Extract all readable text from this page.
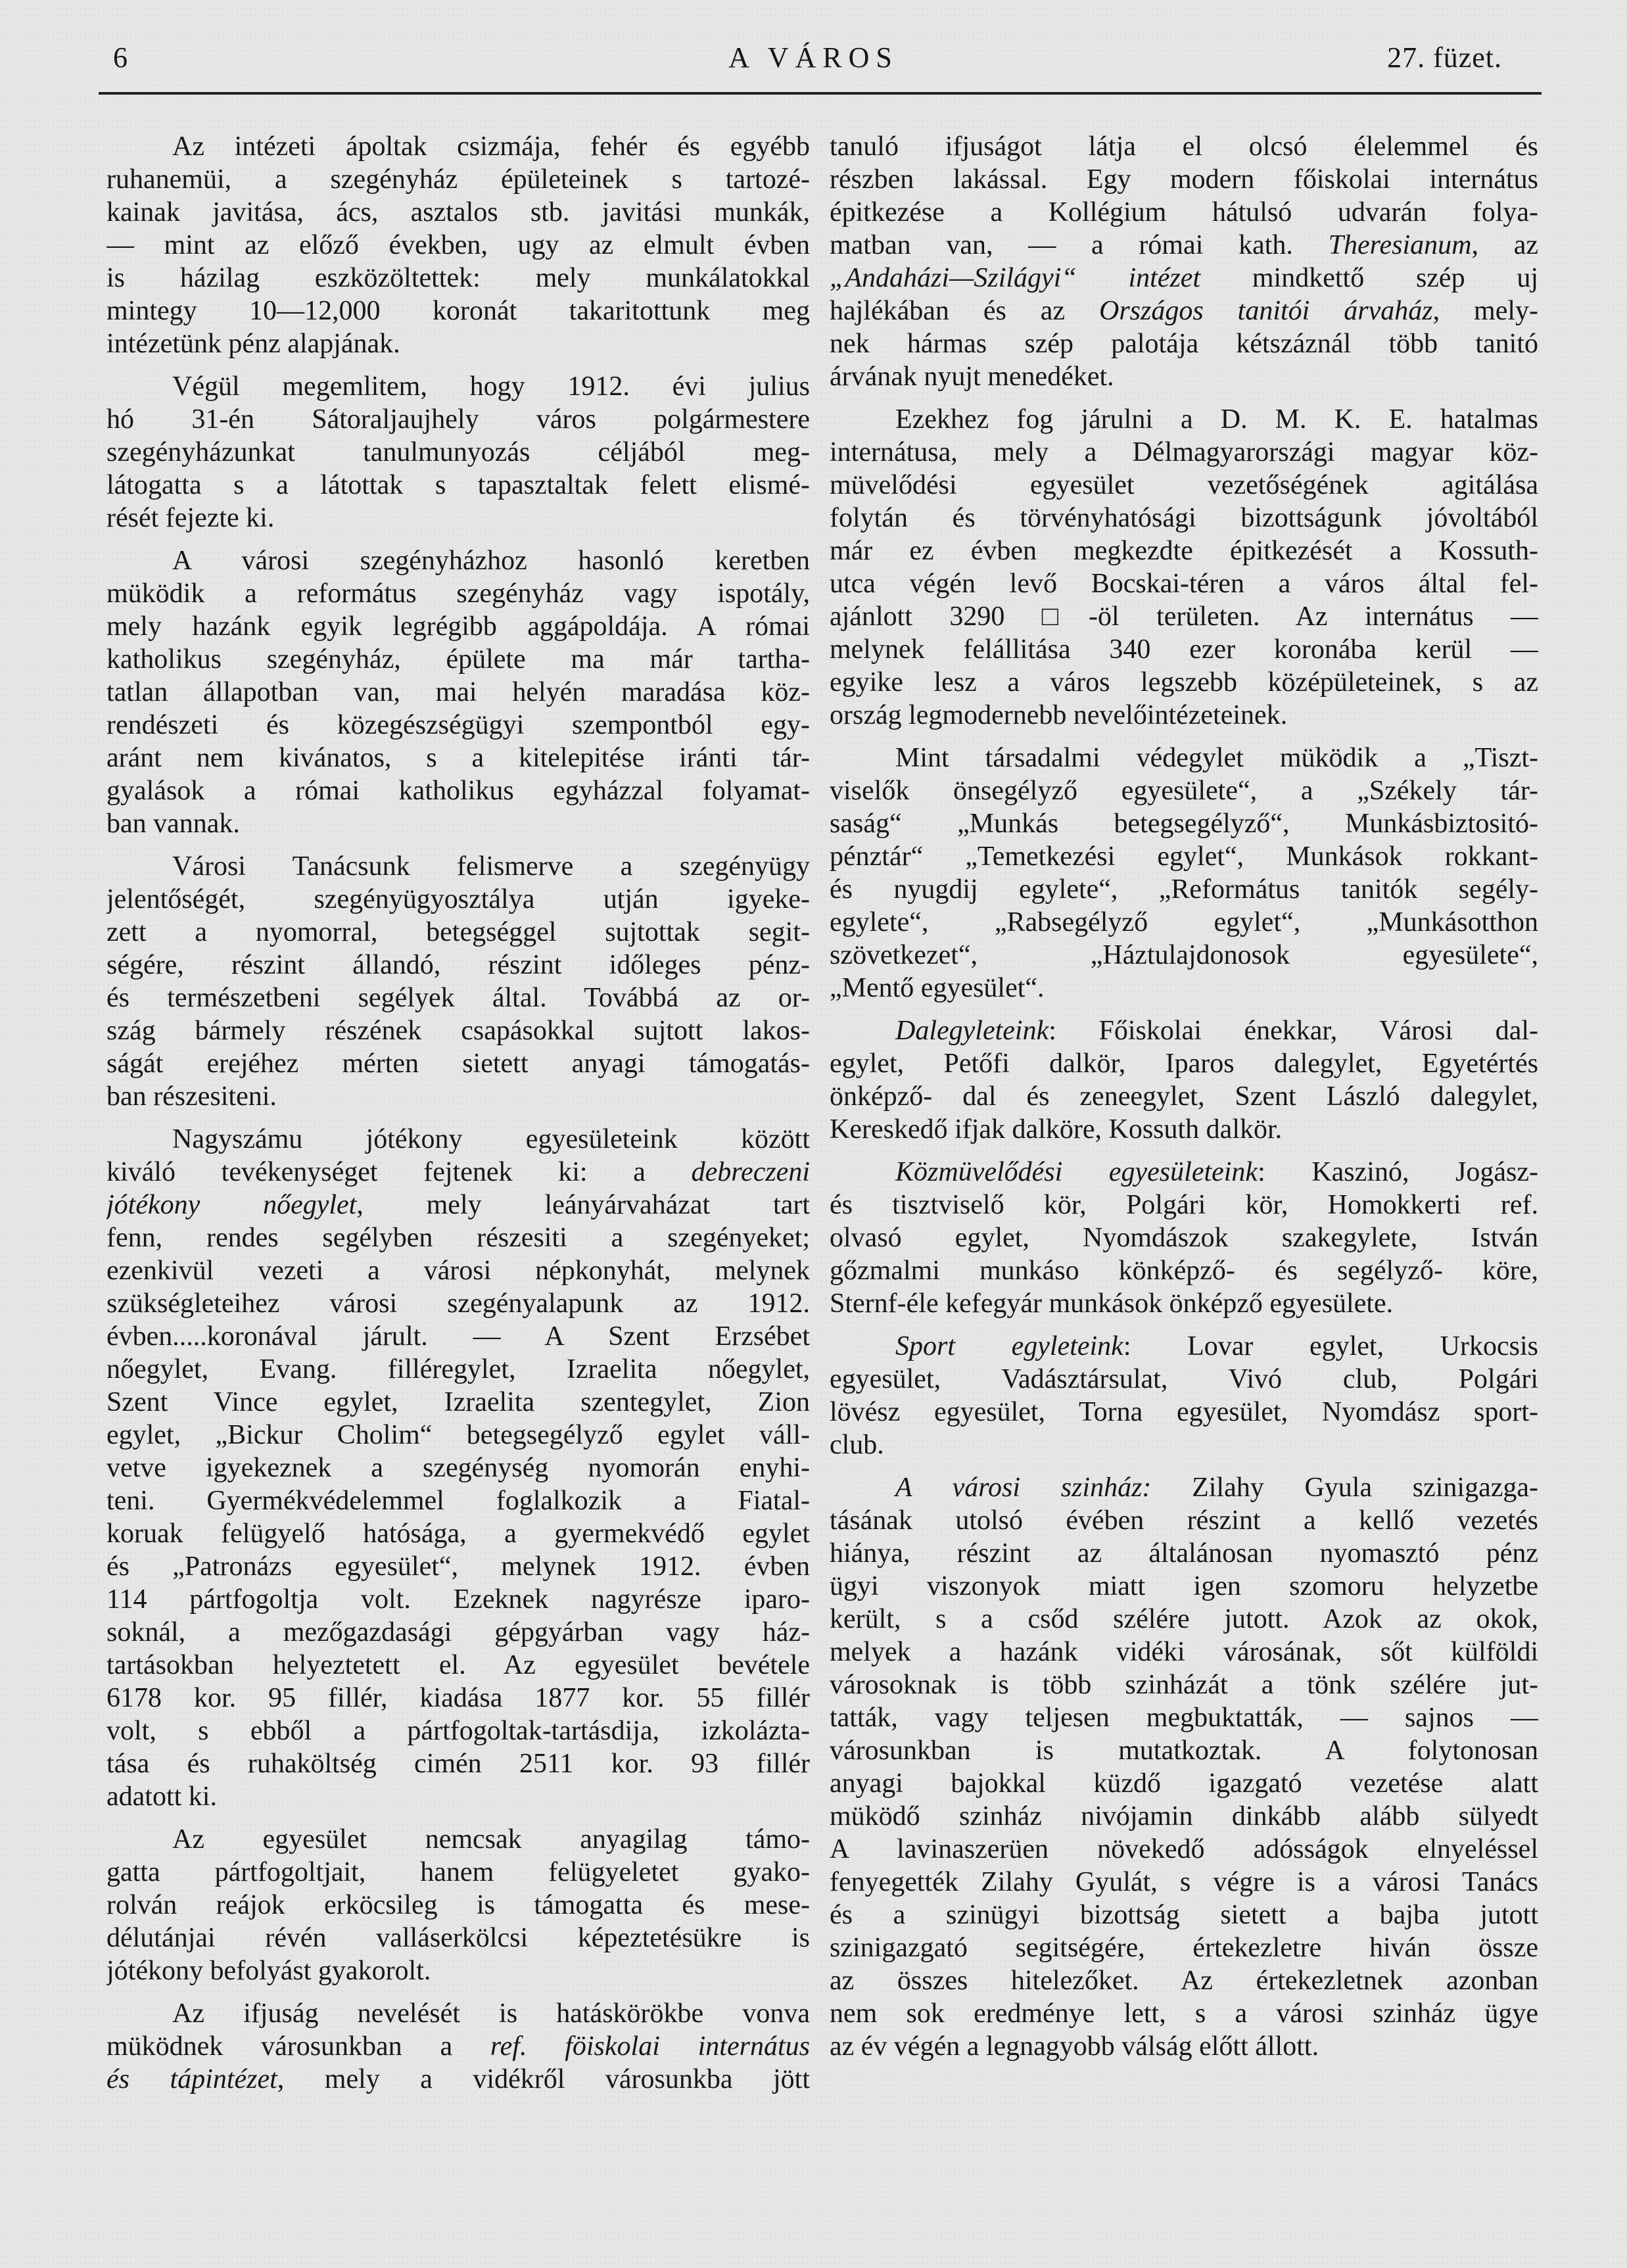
6	A VÁROS	27. füzet.
Az intézeti ápoltak csizmája, fehér és egyébb
ruhanemüi, a szegényház épületeinek s tartozé-
kainak javitása, ács, asztalos stb. javitási munkák,
— mint az előző években, ugy az elmult évben
is házilag eszközöltettek: mely munkálatokkal
mintegy 10—12,000 koronát takaritottunk meg
intézetünk pénz alapjának.
Végül megemlitem, hogy 1912. évi julius
hó 31-én Sátoraljaujhely város polgármestere
szegényházunkat tanulmunyozás céljából meg-
látogatta s a látottak s tapasztaltak felett elismé-
rését fejezte ki.
A városi szegényházhoz hasonló keretben
müködik a református szegényház vagy ispotály,
mely hazánk egyik legrégibb aggápoldája. A római
katholikus szegényház, épülete ma már tartha-
tatlan állapotban van, mai helyén maradása köz-
rendészeti és közegészségügyi szempontból egy-
aránt nem kivánatos, s a kitelepitése iránti tár-
gyalások a római katholikus egyházzal folyamat-
ban vannak.
Városi Tanácsunk felismerve a szegényügy
jelentőségét, szegényügyosztálya utján igyeke-
zett a nyomorral, betegséggel sujtottak segit-
ségére, részint állandó, részint időleges pénz-
és természetbeni segélyek által. Továbbá az or-
szág bármely részének csapásokkal sujtott lakos-
ságát erejéhez mérten sietett anyagi támogatás-
ban részesiteni.
Nagyszámu jótékony egyesületeink között
kiváló tevékenységet fejtenek ki: a debreczeni
jótékony nőegylet, mely leányárvaházat tart
fenn, rendes segélyben részesiti a szegényeket;
ezenkivül vezeti a városi népkonyhát, melynek
szükségleteihez városi szegényalapunk az 1912.
évben.....koronával járult. — A Szent Erzsébet
nőegylet, Evang. filléregylet, Izraelita nőegylet,
Szent Vince egylet, Izraelita szentegylet, Zion
egylet, „Bickur Cholim“ betegsegélyző egylet váll-
vetve igyekeznek a szegénység nyomorán enyhi-
teni. Gyermékvédelemmel foglalkozik a Fiatal-
koruak felügyelő hatósága, a gyermekvédő egylet
és „Patronázs egyesület“, melynek 1912. évben
114 pártfogoltja volt. Ezeknek nagyrésze iparo-
soknál, a mezőgazdasági gépgyárban vagy ház-
tartásokban helyeztetett el. Az egyesület bevétele
6178 kor. 95 fillér, kiadása 1877 kor. 55 fillér
volt, s ebből a pártfogoltak-tartásdija, izkolázta-
tása és ruhaköltség cimén 2511 kor. 93 fillér
adatott ki.
Az egyesület nemcsak anyagilag támo-
gatta pártfogoltjait, hanem felügyeletet gyako-
rolván reájok erköcsileg is támogatta és mese-
délutánjai révén valláserkölcsi képeztetésükre is
jótékony befolyást gyakorolt.
Az ifjuság nevelését is hatáskörökbe vonva
müködnek városunkban a ref. föiskolai internátus
és tápintézet, mely a vidékről városunkba jött
tanuló ifjuságot látja el olcsó élelemmel és
részben lakással. Egy modern főiskolai internátus
épitkezése a Kollégium hátulsó udvarán folya-
matban van, — a római kath. Theresianum, az
„Andaházi—Szilágyi“ intézet mindkettő szép uj
hajlékában és az Országos tanitói árvaház, mely-
nek hármas szép palotája kétszáznál több tanitó
árvának nyujt menedéket.
Ezekhez fog járulni a D. M. K. E. hatalmas
internátusa, mely a Délmagyarországi magyar köz-
müvelődési egyesület vezetőségének agitálása
folytán és törvényhatósági bizottságunk jóvoltából
már ez évben megkezdte épitkezését a Kossuth-
utca végén levő Bocskai-téren a város által fel-
ajánlott 3290 □-öl területen. Az internátus —
melynek felállitása 340 ezer koronába kerül —
egyike lesz a város legszebb középületeinek, s az
ország legmodernebb nevelőintézeteinek.
Mint társadalmi védegylet müködik a „Tiszt-
viselők önsegélyző egyesülete“, a „Székely tár-
saság“ „Munkás betegsegélyző“, Munkásbiztositó-
pénztár“ „Temetkezési egylet“, Munkások rokkant-
és nyugdij egylete“, „Református tanitók segély-
egylete“, „Rabsegélyző egylet“, „Munkásotthon
szövetkezet“, „Háztulajdonosok egyesülete“,
„Mentő egyesület“.
Dalegyleteink: Főiskolai énekkar, Városi dal-
egylet, Petőfi dalkör, Iparos dalegylet, Egyetértés
önképző- dal és zeneegylet, Szent László dalegylet,
Kereskedő ifjak dalköre, Kossuth dalkör.
Közmüvelődési egyesületeink: Kaszinó, Jogász-
és tisztviselő kör, Polgári kör, Homokkerti ref.
olvasó egylet, Nyomdászok szakegylete, István
gőzmalmi munkáso könképző- és segélyző- köre,
Sternf-éle kefegyár munkások önképző egyesülete.
Sport egyleteink: Lovar egylet, Urkocsis
egyesület, Vadásztársulat, Vivó club, Polgári
lövész egyesület, Torna egyesület, Nyomdász sport-
club.
A városi szinház: Zilahy Gyula szinigazga-
tásának utolsó évében részint a kellő vezetés
hiánya, részint az általánosan nyomasztó pénz
ügyi viszonyok miatt igen szomoru helyzetbe
került, s a csőd szélére jutott. Azok az okok,
melyek a hazánk vidéki városának, sőt külföldi
városoknak is több szinházát a tönk szélére jut-
tatták, vagy teljesen megbuktatták, — sajnos —
városunkban is mutatkoztak. A folytonosan
anyagi bajokkal küzdő igazgató vezetése alatt
müködő szinház nivójamin dinkább alább sülyedt
A lavinaszerüen növekedő adósságok elnyeléssel
fenyegették Zilahy Gyulát, s végre is a városi Tanács
és a szinügyi bizottság sietett a bajba jutott
szinigazgató segitségére, értekezletre hiván össze
az összes hitelezőket. Az értekezletnek azonban
nem sok eredménye lett, s a városi szinház ügye
az év végén a legnagyobb válság előtt állott.
